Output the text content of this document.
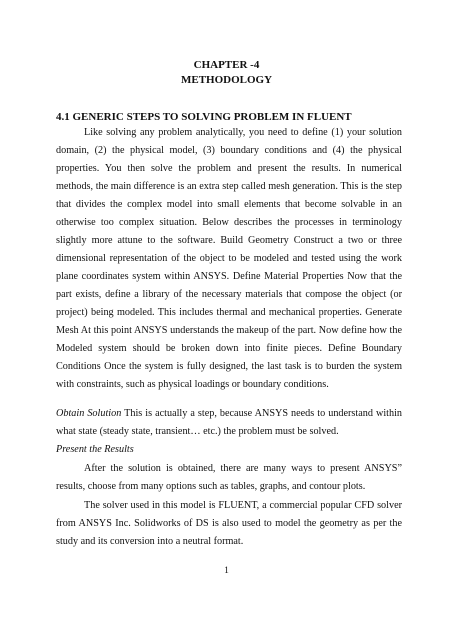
CHAPTER -4
METHODOLOGY
4.1 GENERIC STEPS TO SOLVING PROBLEM IN FLUENT

Like solving any problem analytically, you need to define (1) your solution domain, (2) the physical model, (3) boundary conditions and (4) the physical properties. You then solve the problem and present the results. In numerical methods, the main difference is an extra step called mesh generation. This is the step that divides the complex model into small elements that become solvable in an otherwise too complex situation. Below describes the processes in terminology slightly more attune to the software. Build Geometry Construct a two or three dimensional representation of the object to be modeled and tested using the work plane coordinates system within ANSYS. Define Material Properties Now that the part exists, define a library of the necessary materials that compose the object (or project) being modeled. This includes thermal and mechanical properties. Generate Mesh At this point ANSYS understands the makeup of the part. Now define how the Modeled system should be broken down into finite pieces. Define Boundary Conditions Once the system is fully designed, the last task is to burden the system with constraints, such as physical loadings or boundary conditions.

Obtain Solution This is actually a step, because ANSYS needs to understand within what state (steady state, transient… etc.) the problem must be solved.

Present the Results

After the solution is obtained, there are many ways to present ANSYS” results, choose from many options such as tables, graphs, and contour plots.

The solver used in this model is FLUENT, a commercial popular CFD solver from ANSYS Inc. Solidworks of DS is also used to model the geometry as per the study and its conversion into a neutral format.

1
